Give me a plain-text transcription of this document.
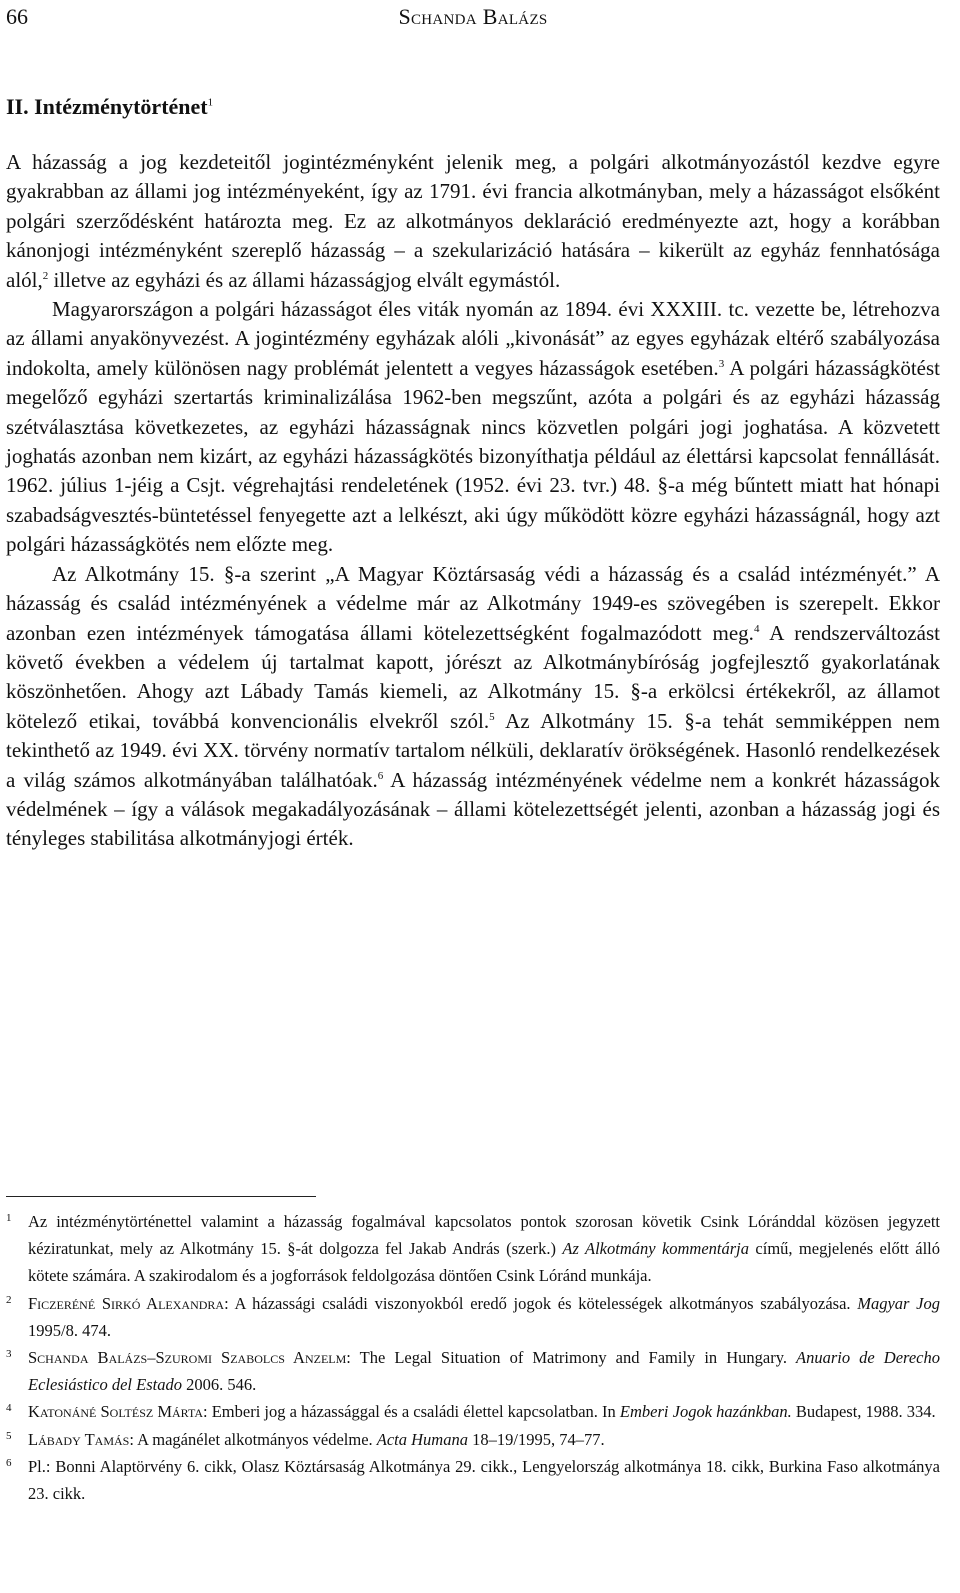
66	Schanda Balázs
II. Intézménytörténet$^1$

A házasság a jog kezdeteitől jogintézményként jelenik meg, a polgári alkotmányozástól kezdve egyre gyakrabban az állami jog intézményeként, így az 1791. évi francia alkotmányban, mely a házasságot elsőként polgári szerződésként határozta meg. Ez az alkotmányos deklaráció eredményezte azt, hogy a korábban kánonjogi intézményként szereplő házasság – a szekularizáció hatására – kikerült az egyház fennhatósága alól,$^2$ illetve az egyházi és az állami házasságjog elvált egymástól.

Magyarországon a polgári házasságot éles viták nyomán az 1894. évi XXXIII. tc. vezette be, létrehozva az állami anyakönyvezést. A jogintézmény egyházak alóli „kivonását” az egyes egyházak eltérő szabályozása indokolta, amely különösen nagy problémát jelentett a vegyes házasságok esetében.$^3$ A polgári házasságkötést megelőző egyházi szertartás kriminalizálása 1962-ben megszűnt, azóta a polgári és az egyházi házasság szétválasztása következetes, az egyházi házasságnak nincs közvetlen polgári jogi joghatása. A közvetett joghatás azonban nem kizárt, az egyházi házasságkötés bizonyíthatja például az élettársi kapcsolat fennállását. 1962. július 1-jéig a Csjt. végrehajtási rendeletének (1952. évi 23. tvr.) 48. §-a még bűntett miatt hat hónapi szabadságvesztés-büntetéssel fenyegette azt a lelkészt, aki úgy működött közre egyházi házasságnál, hogy azt polgári házasságkötés nem előzte meg.

Az Alkotmány 15. §-a szerint „A Magyar Köztársaság védi a házasság és a család intézményét.” A házasság és család intézményének a védelme már az Alkotmány 1949-es szövegében is szerepelt. Ekkor azonban ezen intézmények támogatása állami kötelezettségként fogalmazódott meg.$^4$ A rendszerváltozást követő években a védelem új tartalmat kapott, jórészt az Alkotmánybíróság jogfejlesztő gyakorlatának köszönhetően. Ahogy azt Lábady Tamás kiemeli, az Alkotmány 15. §-a erkölcsi értékekről, az államot kötelező etikai, továbbá konvencionális elvekről szól.$^5$ Az Alkotmány 15. §-a tehát semmiképpen nem tekinthető az 1949. évi XX. törvény normatív tartalom nélküli, deklaratív örökségének. Hasonló rendelkezések a világ számos alkotmányában találhatóak.$^6$ A házasság intézményének védelme nem a konkrét házasságok védelmének – így a válások megakadályozásának – állami kötelezettségét jelenti, azonban a házasság jogi és tényleges stabilitása alkotmányjogi érték.

1 Az intézménytörténettel valamint a házasság fogalmával kapcsolatos pontok szorosan követik Csink Lóránddal közösen jegyzett kéziratunkat, mely az Alkotmány 15. §-át dolgozza fel Jakab András (szerk.) Az Alkotmány kommentárja című, megjelenés előtt álló kötete számára. A szakirodalom és a jogforrások feldolgozása döntően Csink Lóránd munkája.
2 Ficzeréné Sirkó Alexandra: A házassági családi viszonyokból eredő jogok és kötelességek alkotmányos szabályozása. Magyar Jog 1995/8. 474.
3 Schanda Balázs–Szuromi Szabolcs Anzelm: The Legal Situation of Matrimony and Family in Hungary. Anuario de Derecho Eclesiástico del Estado 2006. 546.
4 Katonáné Soltész Márta: Emberi jog a házassággal és a családi élettel kapcsolatban. In Emberi Jogok hazánkban. Budapest, 1988. 334.
5 Lábady Tamás: A magánélet alkotmányos védelme. Acta Humana 18–19/1995, 74–77.
6 Pl.: Bonni Alaptörvény 6. cikk, Olasz Köztársaság Alkotmánya 29. cikk., Lengyelország alkotmánya 18. cikk, Burkina Faso alkotmánya 23. cikk.
